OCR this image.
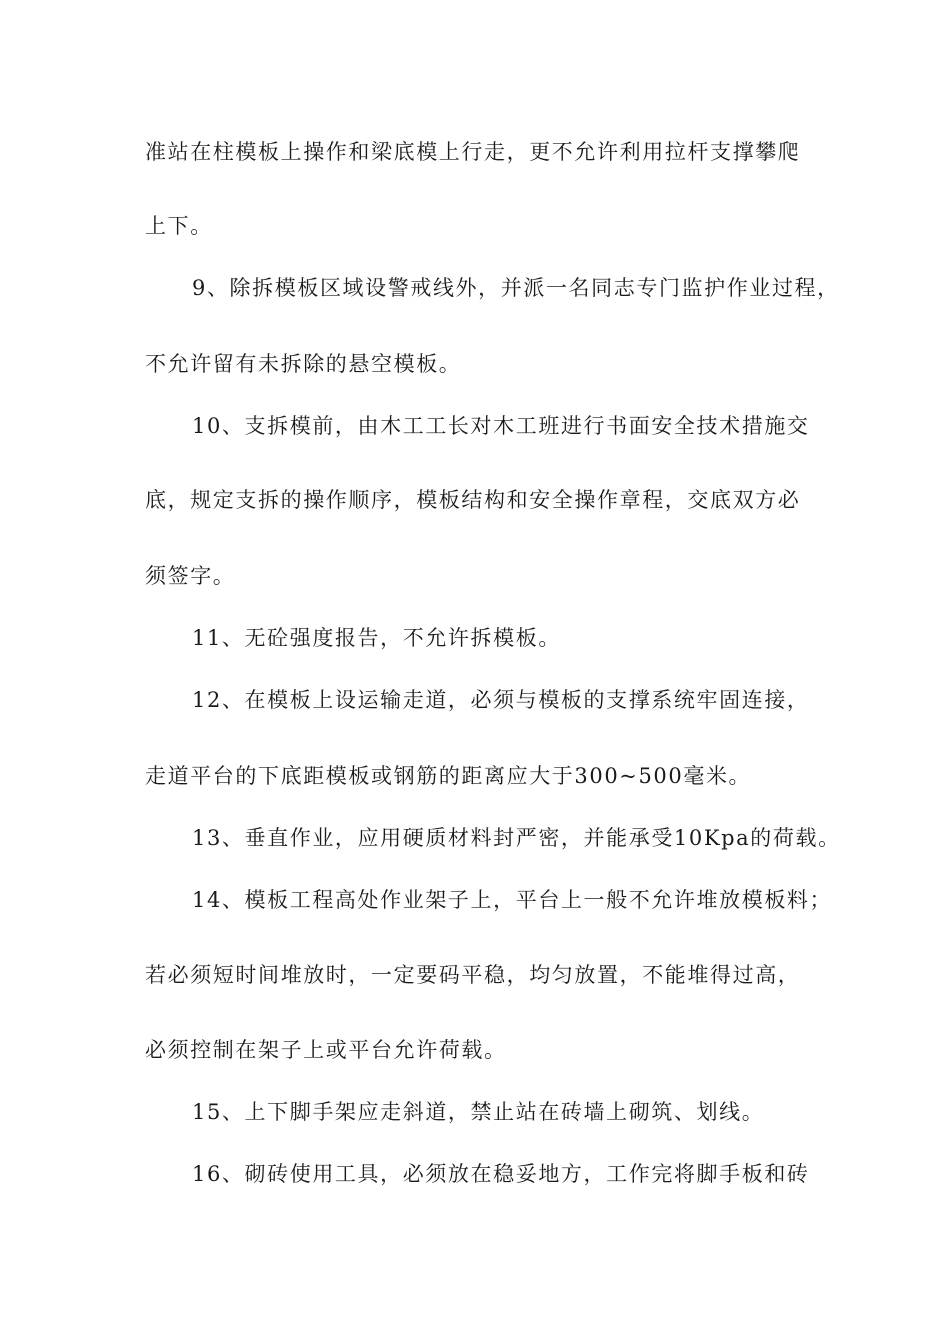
准站在柱模板上操作和梁底模上行走，更不允许利用拉杆支撑攀爬
上下。
9、除拆模板区域设警戒线外，并派一名同志专门监护作业过程，
不允许留有未拆除的悬空模板。
10、支拆模前，由木工工长对木工班进行书面安全技术措施交
底，规定支拆的操作顺序，模板结构和安全操作章程，交底双方必
须签字。
11、无砼强度报告，不允许拆模板。
12、在模板上设运输走道，必须与模板的支撑系统牢固连接，
走道平台的下底距模板或钢筋的距离应大于300~500毫米。
13、垂直作业，应用硬质材料封严密，并能承受10Kpa的荷载。
14、模板工程高处作业架子上，平台上一般不允许堆放模板料；
若必须短时间堆放时，一定要码平稳，均匀放置，不能堆得过高，
必须控制在架子上或平台允许荷载。
15、上下脚手架应走斜道，禁止站在砖墙上砌筑、划线。
16、砌砖使用工具，必须放在稳妥地方，工作完将脚手板和砖
